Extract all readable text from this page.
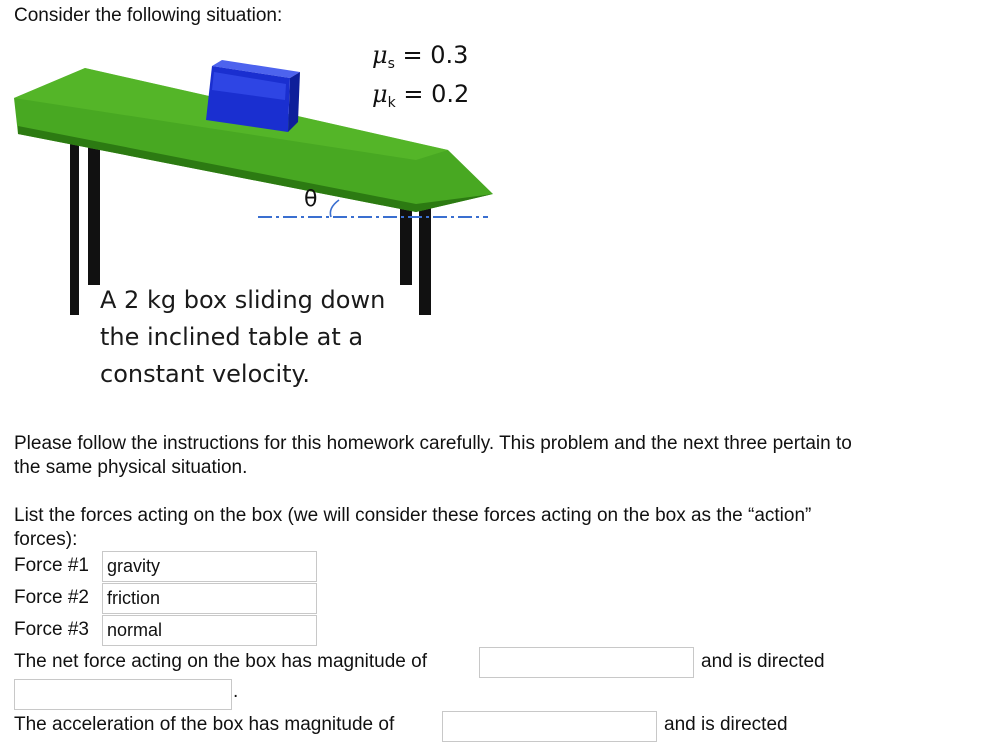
Consider the following situation:
$\mu_s = 0.3$
$\mu_k = 0.2$
θ
A 2 kg box sliding down
the inclined table at a
constant velocity.
Please follow the instructions for this homework carefully. This problem and the next three pertain to
the same physical situation.
List the forces acting on the box (we will consider these forces acting on the box as the “action”
forces):
Force #1
gravity
Force #2
friction
Force #3
normal
The net force acting on the box has magnitude of	and is directed
.
The acceleration of the box has magnitude of	and is directed
